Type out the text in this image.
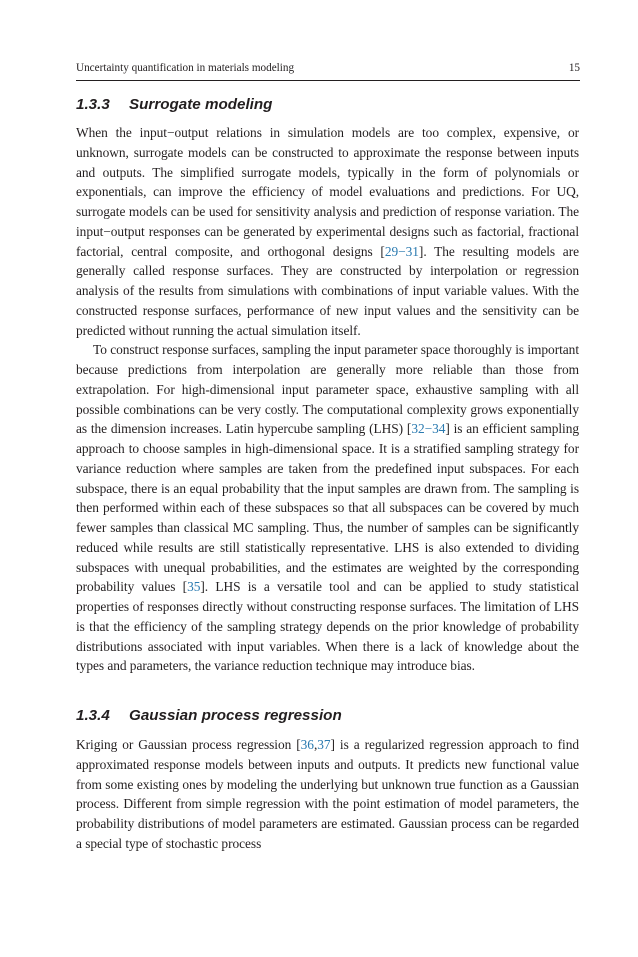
Uncertainty quantification in materials modeling	15
1.3.3 Surrogate modeling

When the input−output relations in simulation models are too complex, expensive, or unknown, surrogate models can be constructed to approximate the response between inputs and outputs. The simplified surrogate models, typically in the form of polynomials or exponentials, can improve the efficiency of model evaluations and predictions. For UQ, surrogate models can be used for sensitivity analysis and prediction of response variation. The input−output responses can be generated by experimental designs such as factorial, fractional factorial, central composite, and orthogonal designs [29−31]. The resulting models are generally called response surfaces. They are constructed by interpolation or regression analysis of the results from simulations with combinations of input variable values. With the constructed response surfaces, performance of new input values and the sensitivity can be predicted without running the actual simulation itself.

To construct response surfaces, sampling the input parameter space thoroughly is important because predictions from interpolation are generally more reliable than those from extrapolation. For high-dimensional input parameter space, exhaustive sampling with all possible combinations can be very costly. The computational complexity grows exponentially as the dimension increases. Latin hypercube sampling (LHS) [32−34] is an efficient sampling approach to choose samples in high-dimensional space. It is a stratified sampling strategy for variance reduction where samples are taken from the predefined input subspaces. For each subspace, there is an equal probability that the input samples are drawn from. The sampling is then performed within each of these subspaces so that all subspaces can be covered by much fewer samples than classical MC sampling. Thus, the number of samples can be significantly reduced while results are still statistically representative. LHS is also extended to dividing subspaces with unequal probabilities, and the estimates are weighted by the corresponding probability values [35]. LHS is a versatile tool and can be applied to study statistical properties of responses directly without constructing response surfaces. The limitation of LHS is that the efficiency of the sampling strategy depends on the prior knowledge of probability distributions associated with input variables. When there is a lack of knowledge about the types and parameters, the variance reduction technique may introduce bias.

1.3.4 Gaussian process regression

Kriging or Gaussian process regression [36,37] is a regularized regression approach to find approximated response models between inputs and outputs. It predicts new functional value from some existing ones by modeling the underlying but unknown true function as a Gaussian process. Different from simple regression with the point estimation of model parameters, the probability distributions of model parameters are estimated. Gaussian process can be regarded a special type of stochastic process
